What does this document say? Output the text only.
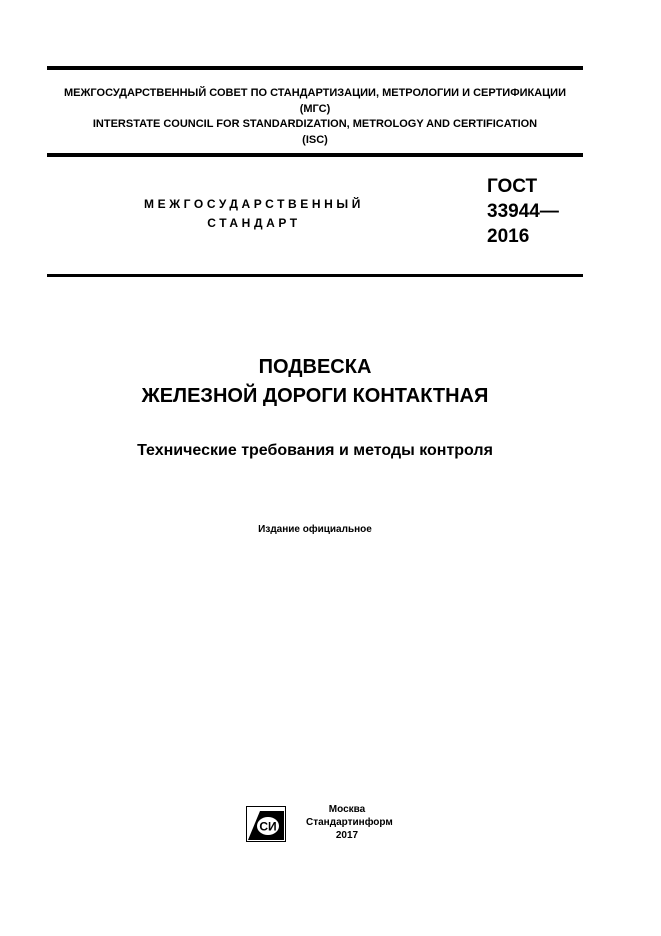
МЕЖГОСУДАРСТВЕННЫЙ СОВЕТ ПО СТАНДАРТИЗАЦИИ, МЕТРОЛОГИИ И СЕРТИФИКАЦИИ
(МГС)
INTERSTATE COUNCIL FOR STANDARDIZATION, METROLOGY AND CERTIFICATION
(ISC)
МЕЖГОСУДАРСТВЕННЫЙ
СТАНДАРТ
ГОСТ
33944—
2016
ПОДВЕСКА
ЖЕЛЕЗНОЙ ДОРОГИ КОНТАКТНАЯ
Технические требования и методы контроля
Издание официальное
СИ
Москва
Стандартинформ
2017
